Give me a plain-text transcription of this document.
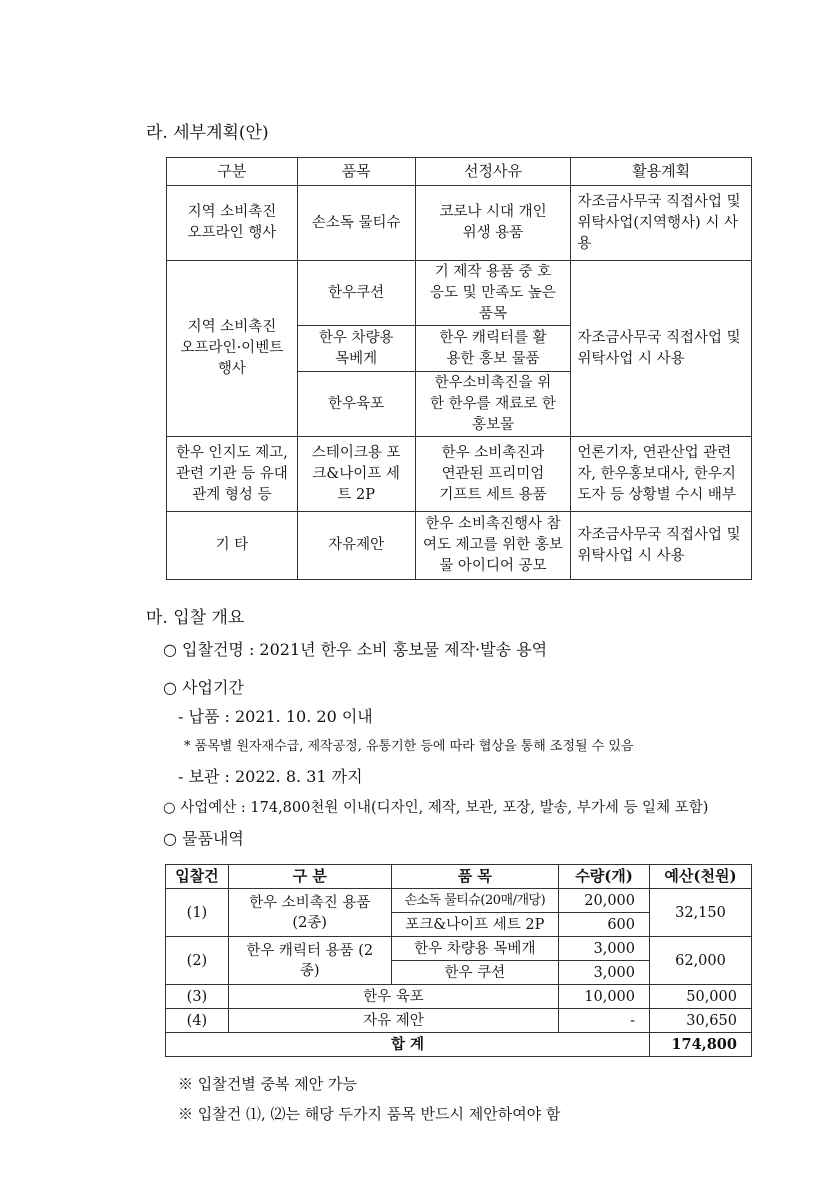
라. 세부계획(안)
구분	품목	선정사유	활용계획
지역 소비촉진 오프라인 행사	손소독 물티슈	코로나 시대 개인위생 용품	자조금사무국 직접사업 및 위탁사업(지역행사) 시 사용
지역 소비촉진 오프라인·이벤트 행사	한우쿠션	기 제작 용품 중 호응도 및 만족도 높은 품목	자조금사무국 직접사업 및 위탁사업 시 사용
	한우 차량용 목베게	한우 캐릭터를 활용한 홍보 물품	
	한우육포	한우소비촉진을 위한 한우를 재료로 한 홍보물	
한우 인지도 제고, 관련 기관 등 유대관계 형성 등	스테이크용 포크&나이프 세트 2P	한우 소비촉진과 연관된 프리미엄 기프트 세트 용품	언론기자, 연관산업 관련자, 한우홍보대사, 한우지도자 등 상황별 수시 배부
기 타	자유제안	한우 소비촉진행사 참여도 제고를 위한 홍보물 아이디어 공모	자조금사무국 직접사업 및 위탁사업 시 사용
마. 입찰 개요
○ 입찰건명 : 2021년 한우 소비 홍보물 제작·발송 용역
○ 사업기간
- 납품 : 2021. 10. 20 이내
* 품목별 원자재수급, 제작공정, 유통기한 등에 따라 협상을 통해 조정될 수 있음
- 보관 : 2022. 8. 31 까지
○ 사업예산 : 174,800천원 이내(디자인, 제작, 보관, 포장, 발송, 부가세 등 일체 포함)
○ 물품내역
입찰건	구 분	품 목	수량(개)	예산(천원)
(1)	한우 소비촉진 용품 (2종)	손소독 물티슈(20매/개당)	20,000	32,150
		포크&나이프 세트 2P	600	
(2)	한우 캐릭터 용품 (2종)	한우 차량용 목베개	3,000	62,000
		한우 쿠션	3,000	
(3)	한우 육포		10,000	50,000
(4)	자유 제안		-	30,650
합 계				174,800
※ 입찰건별 중복 제안 가능
※ 입찰건 ⑴, ⑵는 해당 두가지 품목 반드시 제안하여야 함
